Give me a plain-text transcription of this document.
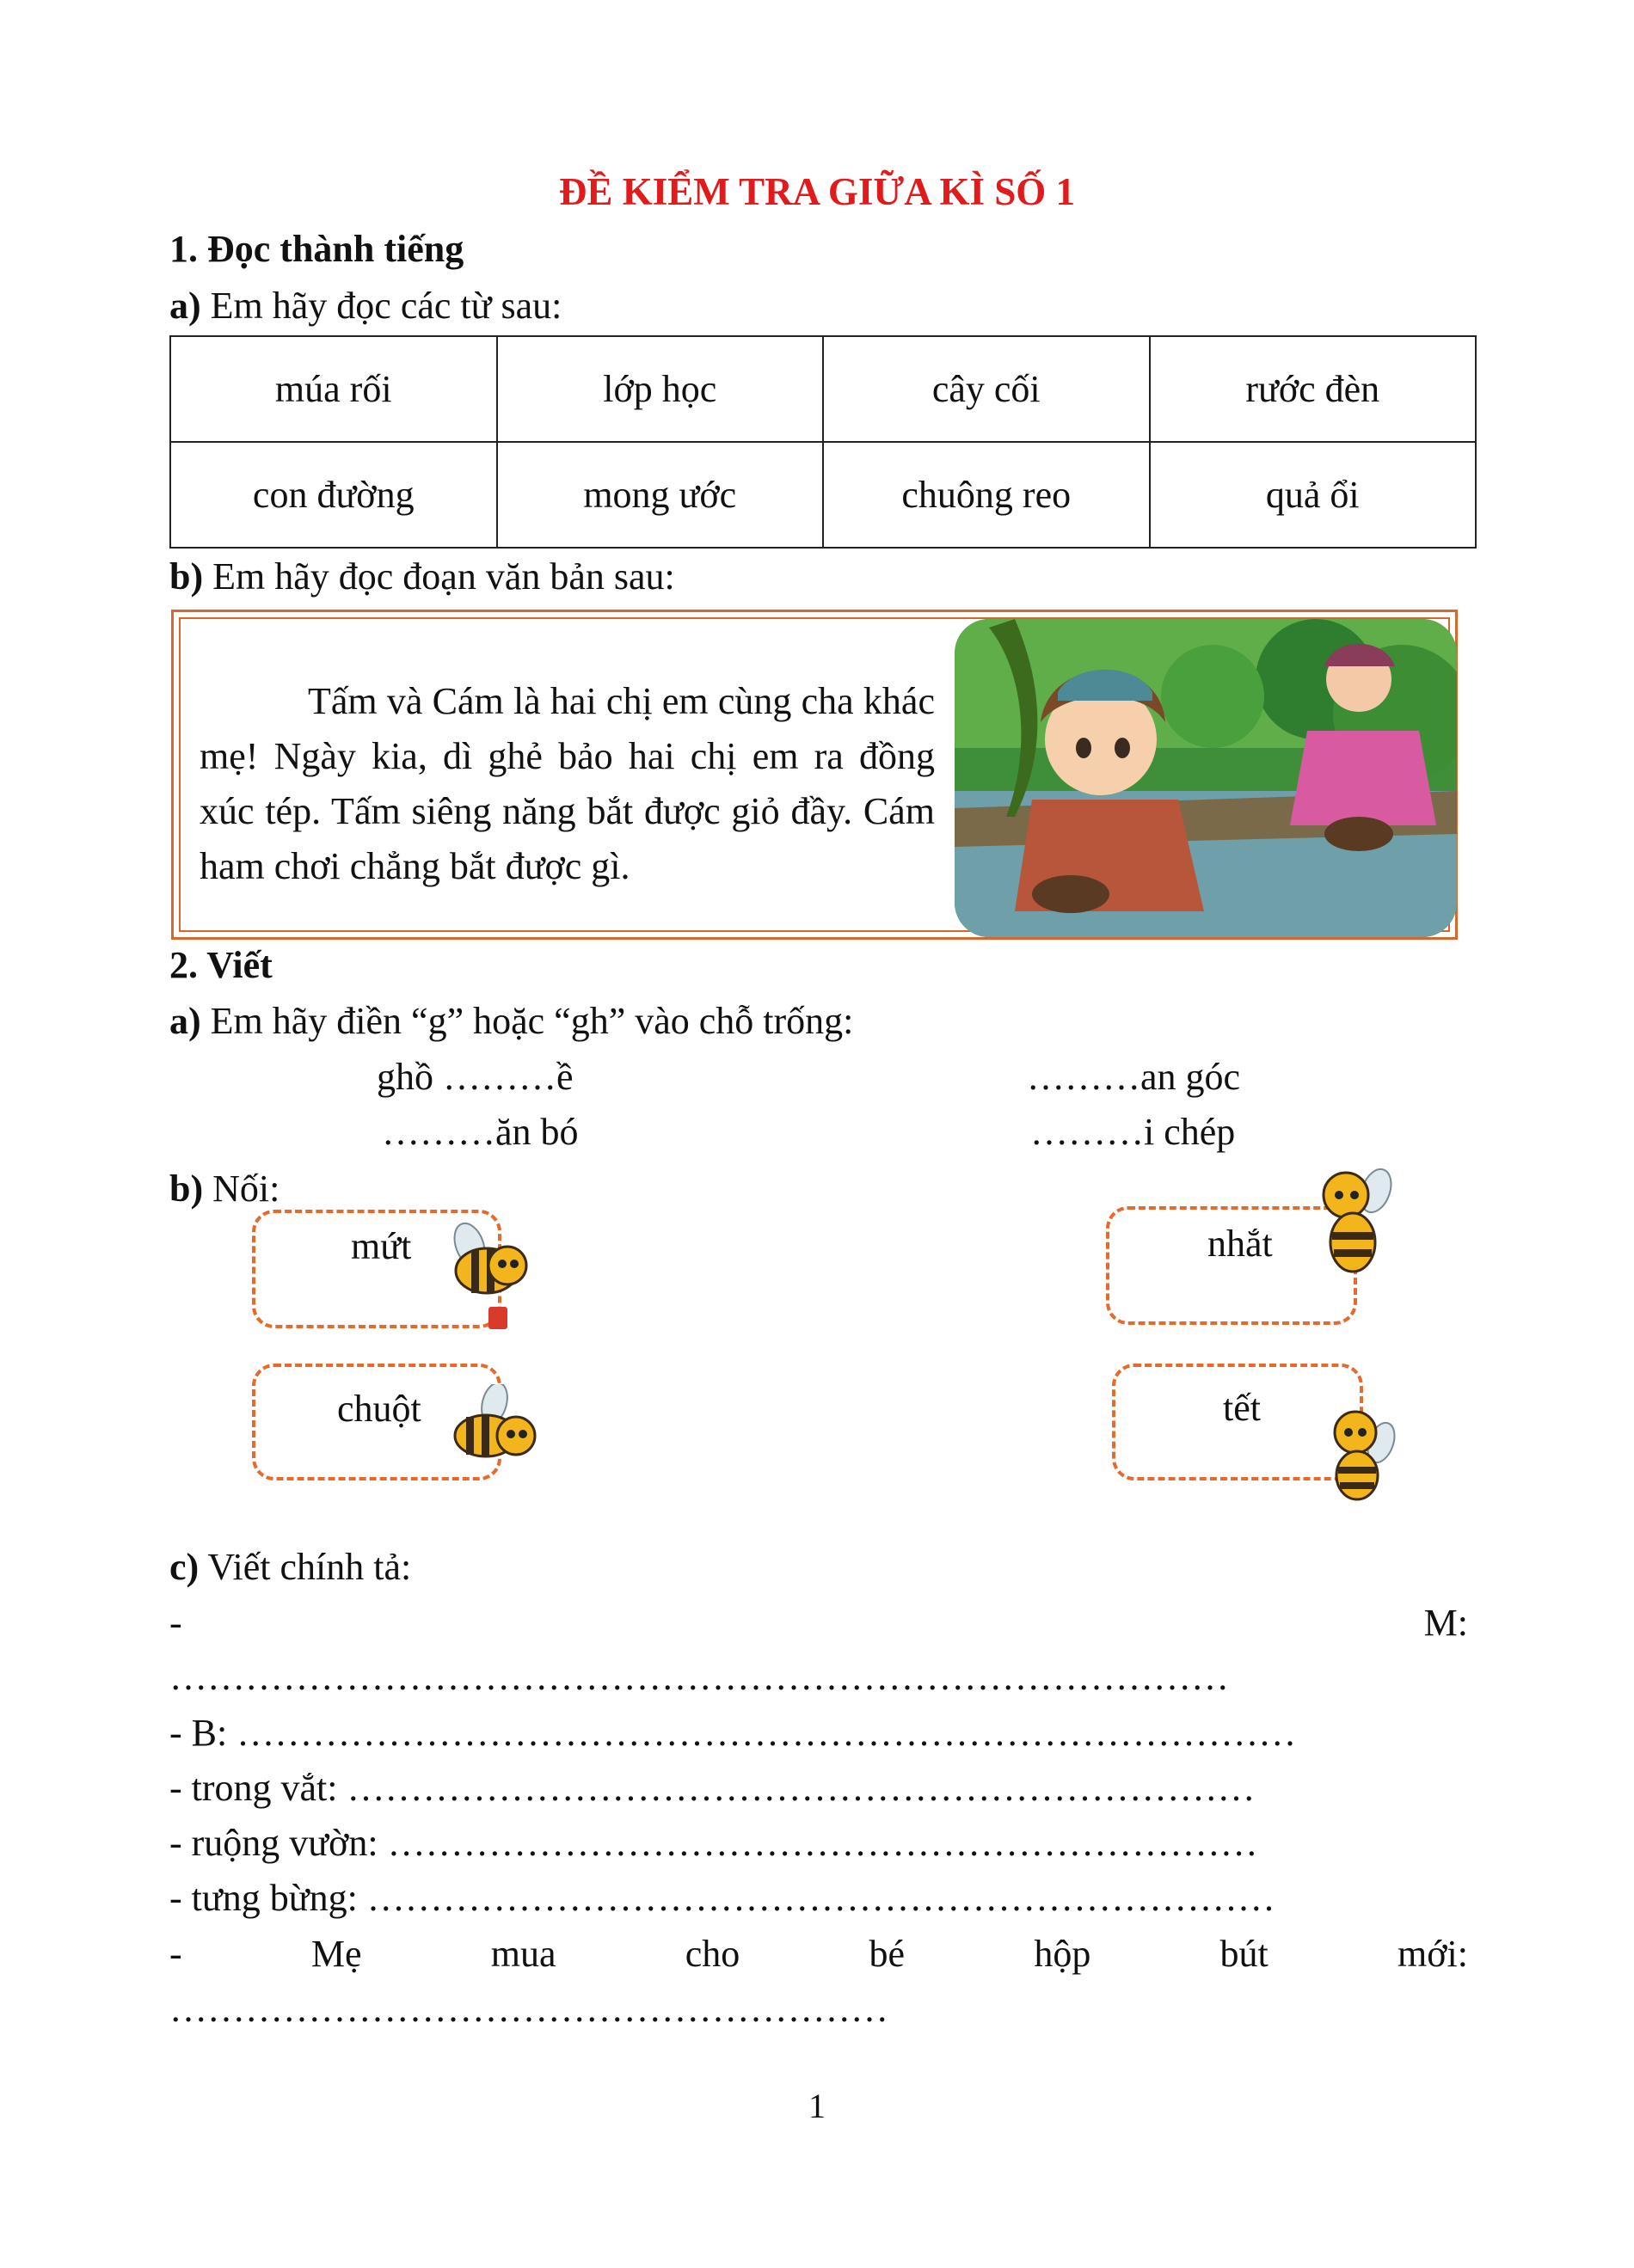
ĐỀ KIỂM TRA GIỮA KÌ SỐ 1
1. Đọc thành tiếng
a) Em hãy đọc các từ sau:
múa rối	lớp học	cây cối	rước đèn
con đường	mong ước	chuông reo	quả ổi
b) Em hãy đọc đoạn văn bản sau:
Tấm và Cám là hai chị em cùng cha khác mẹ! Ngày kia, dì ghẻ bảo hai chị em ra đồng xúc tép. Tấm siêng năng bắt được giỏ đầy. Cám ham chơi chẳng bắt được gì.
2. Viết
a) Em hãy điền “g” hoặc “gh” vào chỗ trống:
ghồ ………ề	………an góc
………ăn bó	………i chép
b) Nối:
mứt
chuột
nhắt
tết
c) Viết chính tả:
-	M:
…………………………………………………………………………
- B: …………………………………………………………………………
- trong vắt: ………………………………………………………………
- ruộng vườn: ……………………………………………………………
- tưng bừng: ………………………………………………………………
-	Mẹ	mua	cho	bé	hộp	bút	mới:
…………………………………………………
1
